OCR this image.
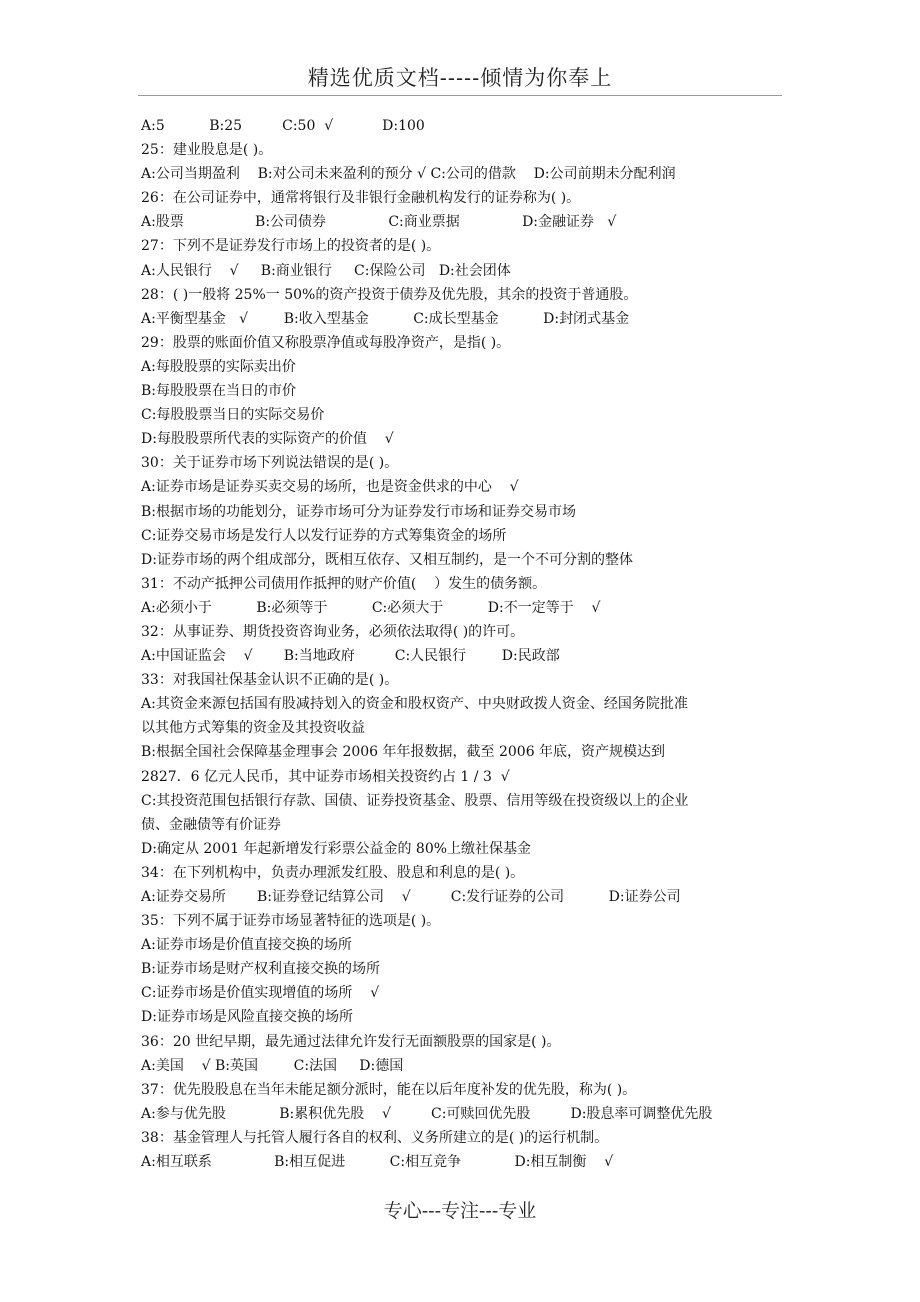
精选优质文档-----倾情为你奉上
A:5          B:25         C:50  √           D:100
25：建业股息是( )。
A:公司当期盈利    B:对公司未来盈利的预分 √ C:公司的借款    D:公司前期未分配利润
26：在公司证券中，通常将银行及非银行金融机构发行的证券称为( )。
A:股票                B:公司债券              C:商业票据              D:金融证券   √
27：下列不是证券发行市场上的投资者的是( )。
A:人民银行    √     B:商业银行     C:保险公司   D:社会团体
28：( )一般将 25%一 50%的资产投资于债券及优先股，其余的投资于普通股。
A:平衡型基金   √        B:收入型基金          C:成长型基金          D:封闭式基金
29：股票的账面价值又称股票净值或每股净资产，是指( )。
A:每股股票的实际卖出价
B:每股股票在当日的市价
C:每股股票当日的实际交易价
D:每股股票所代表的实际资产的价值    √
30：关于证券市场下列说法错误的是( )。
A:证券市场是证券买卖交易的场所，也是资金供求的中心    √
B:根据市场的功能划分，证券市场可分为证券发行市场和证券交易市场
C:证券交易市场是发行人以发行证券的方式筹集资金的场所
D:证券市场的两个组成部分，既相互依存、又相互制约，是一个不可分割的整体
31：不动产抵押公司债用作抵押的财产价值(    ）发生的债务额。
A:必须小于          B:必须等于          C:必须大于          D:不一定等于    √
32：从事证券、期货投资咨询业务，必须依法取得( )的许可。
A:中国证监会    √       B:当地政府         C:人民银行        D:民政部
33：对我国社保基金认识不正确的是( )。
A:其资金来源包括国有股减持划入的资金和股权资产、中央财政拨人资金、经国务院批准
以其他方式筹集的资金及其投资收益
B:根据全国社会保障基金理事会 2006 年年报数据，截至 2006 年底，资产规模达到
2827．6 亿元人民币，其中证券市场相关投资约占 1 / 3  √
C:其投资范围包括银行存款、国债、证券投资基金、股票、信用等级在投资级以上的企业
债、金融债等有价证券
D:确定从 2001 年起新增发行彩票公益金的 80%上缴社保基金
34：在下列机构中，负责办理派发红股、股息和利息的是( )。
A:证券交易所       B:证券登记结算公司    √         C:发行证券的公司          D:证券公司
35：下列不属于证券市场显著特征的选项是( )。
A:证券市场是价值直接交换的场所
B:证券市场是财产权利直接交换的场所
C:证券市场是价值实现增值的场所    √
D:证券市场是风险直接交换的场所
36：20 世纪早期，最先通过法律允许发行无面额股票的国家是( )。
A:美国    √ B:英国        C:法国     D:德国
37：优先股股息在当年未能足额分派时，能在以后年度补发的优先股，称为( )。
A:参与优先股            B:累积优先股    √         C:可赎回优先股         D:股息率可调整优先股
38：基金管理人与托管人履行各自的权利、义务所建立的是( )的运行机制。
A:相互联系              B:相互促进          C:相互竞争            D:相互制衡    √
专心---专注---专业
